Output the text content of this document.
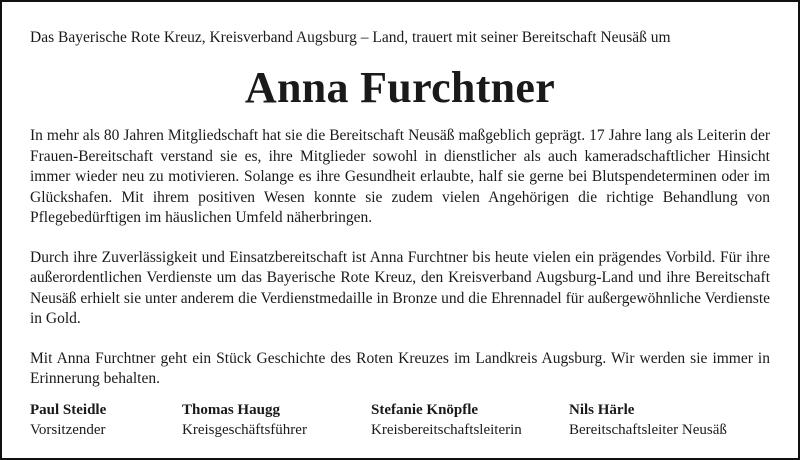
Das Bayerische Rote Kreuz, Kreisverband Augsburg – Land, trauert mit seiner Bereitschaft Neusäß um

Anna Furchtner

In mehr als 80 Jahren Mitgliedschaft hat sie die Bereitschaft Neusäß maßgeblich geprägt. 17 Jahre lang als Leiterin der Frauen-Bereitschaft verstand sie es, ihre Mitglieder sowohl in dienstlicher als auch kameradschaftlicher Hinsicht immer wieder neu zu motivieren. Solange es ihre Gesundheit erlaubte, half sie gerne bei Blutspendeterminen oder im Glückshafen. Mit ihrem positiven Wesen konnte sie zudem vielen Angehörigen die richtige Behandlung von Pflegebedürftigen im häuslichen Umfeld näherbringen.

Durch ihre Zuverlässigkeit und Einsatzbereitschaft ist Anna Furchtner bis heute vielen ein prägendes Vorbild. Für ihre außerordentlichen Verdienste um das Bayerische Rote Kreuz, den Kreisverband Augsburg-Land und ihre Bereitschaft Neusäß erhielt sie unter anderem die Verdienstmedaille in Bronze und die Ehrennadel für außergewöhnliche Verdienste in Gold.

Mit Anna Furchtner geht ein Stück Geschichte des Roten Kreuzes im Landkreis Augsburg. Wir werden sie immer in Erinnerung behalten.

Paul Steidle
Vorsitzender
Thomas Haugg
Kreisgeschäftsführer
Stefanie Knöpfle
Kreisbereitschaftsleiterin
Nils Härle
Bereitschaftsleiter Neusäß
